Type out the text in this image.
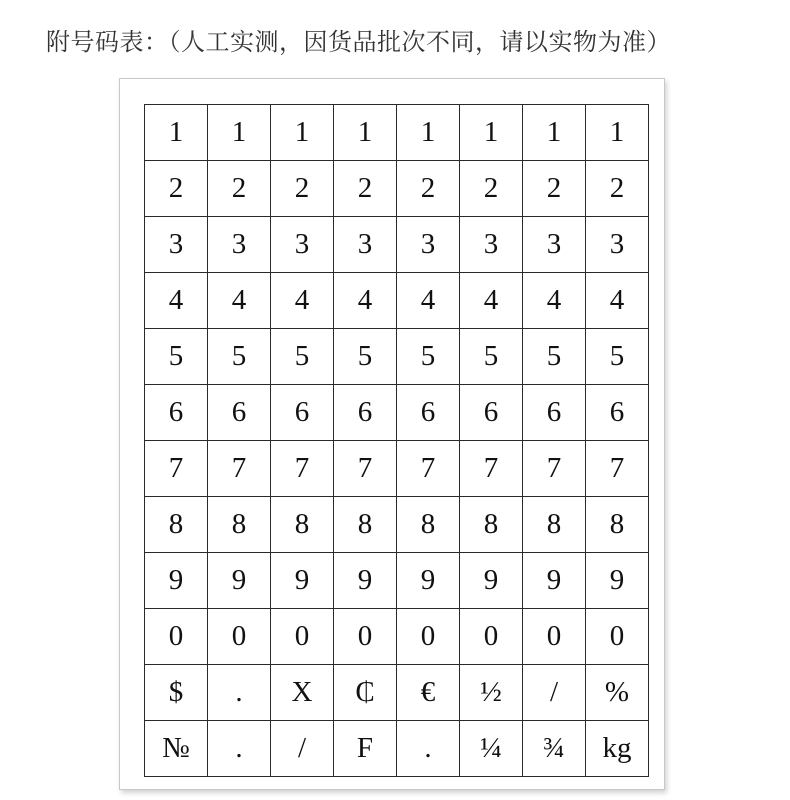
附号码表：（人工实测，因货品批次不同，请以实物为准）
1	1	1	1	1	1	1	1
2	2	2	2	2	2	2	2
3	3	3	3	3	3	3	3
4	4	4	4	4	4	4	4
5	5	5	5	5	5	5	5
6	6	6	6	6	6	6	6
7	7	7	7	7	7	7	7
8	8	8	8	8	8	8	8
9	9	9	9	9	9	9	9
0	0	0	0	0	0	0	0
$	.	X	₵	€	½	/	%
№	.	/	F	.	¼	¾	kg
